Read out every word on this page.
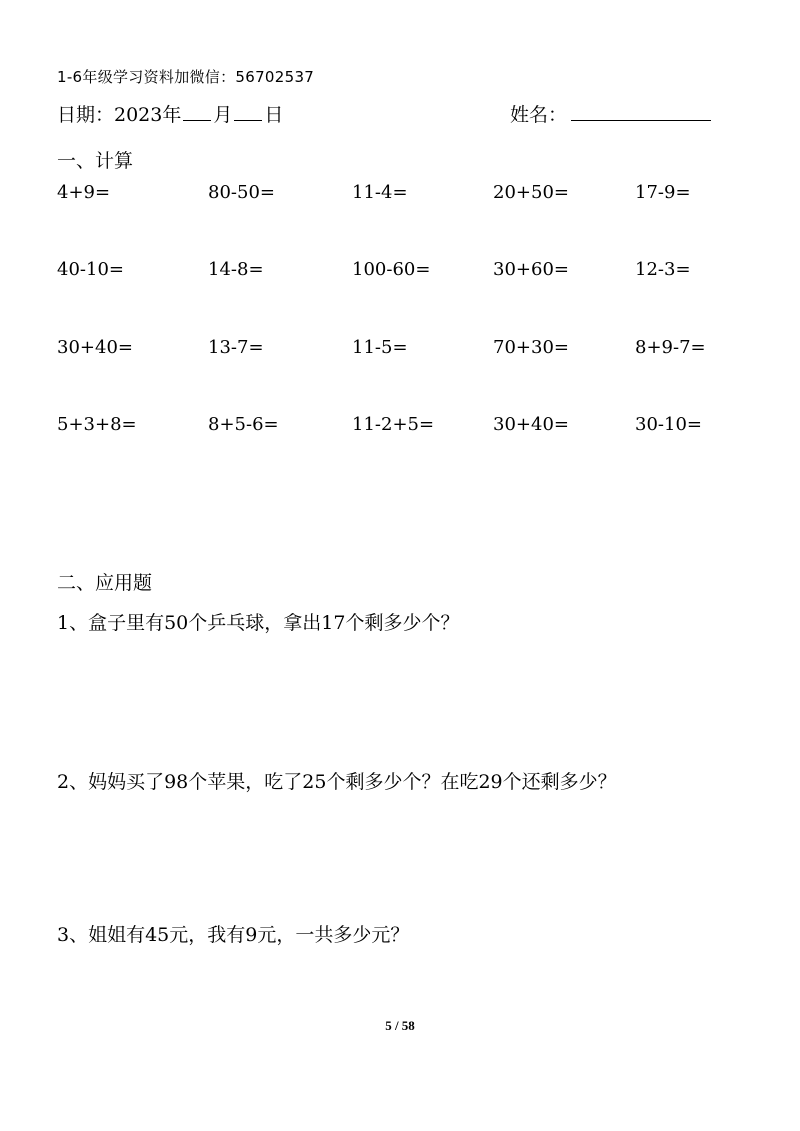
1-6年级学习资料加微信：56702537
日期：2023年 月 日	姓名：
一、计算
4+9=	80-50=	11-4=	20+50=	17-9=
40-10=	14-8=	100-60=	30+60=	12-3=
30+40=	13-7=	11-5=	70+30=	8+9-7=
5+3+8=	8+5-6=	11-2+5=	30+40=	30-10=
二、应用题
1、盒子里有50个乒乓球，拿出17个剩多少个？
2、妈妈买了98个苹果，吃了25个剩多少个？在吃29个还剩多少？
3、姐姐有45元，我有9元，一共多少元？
5 / 58
